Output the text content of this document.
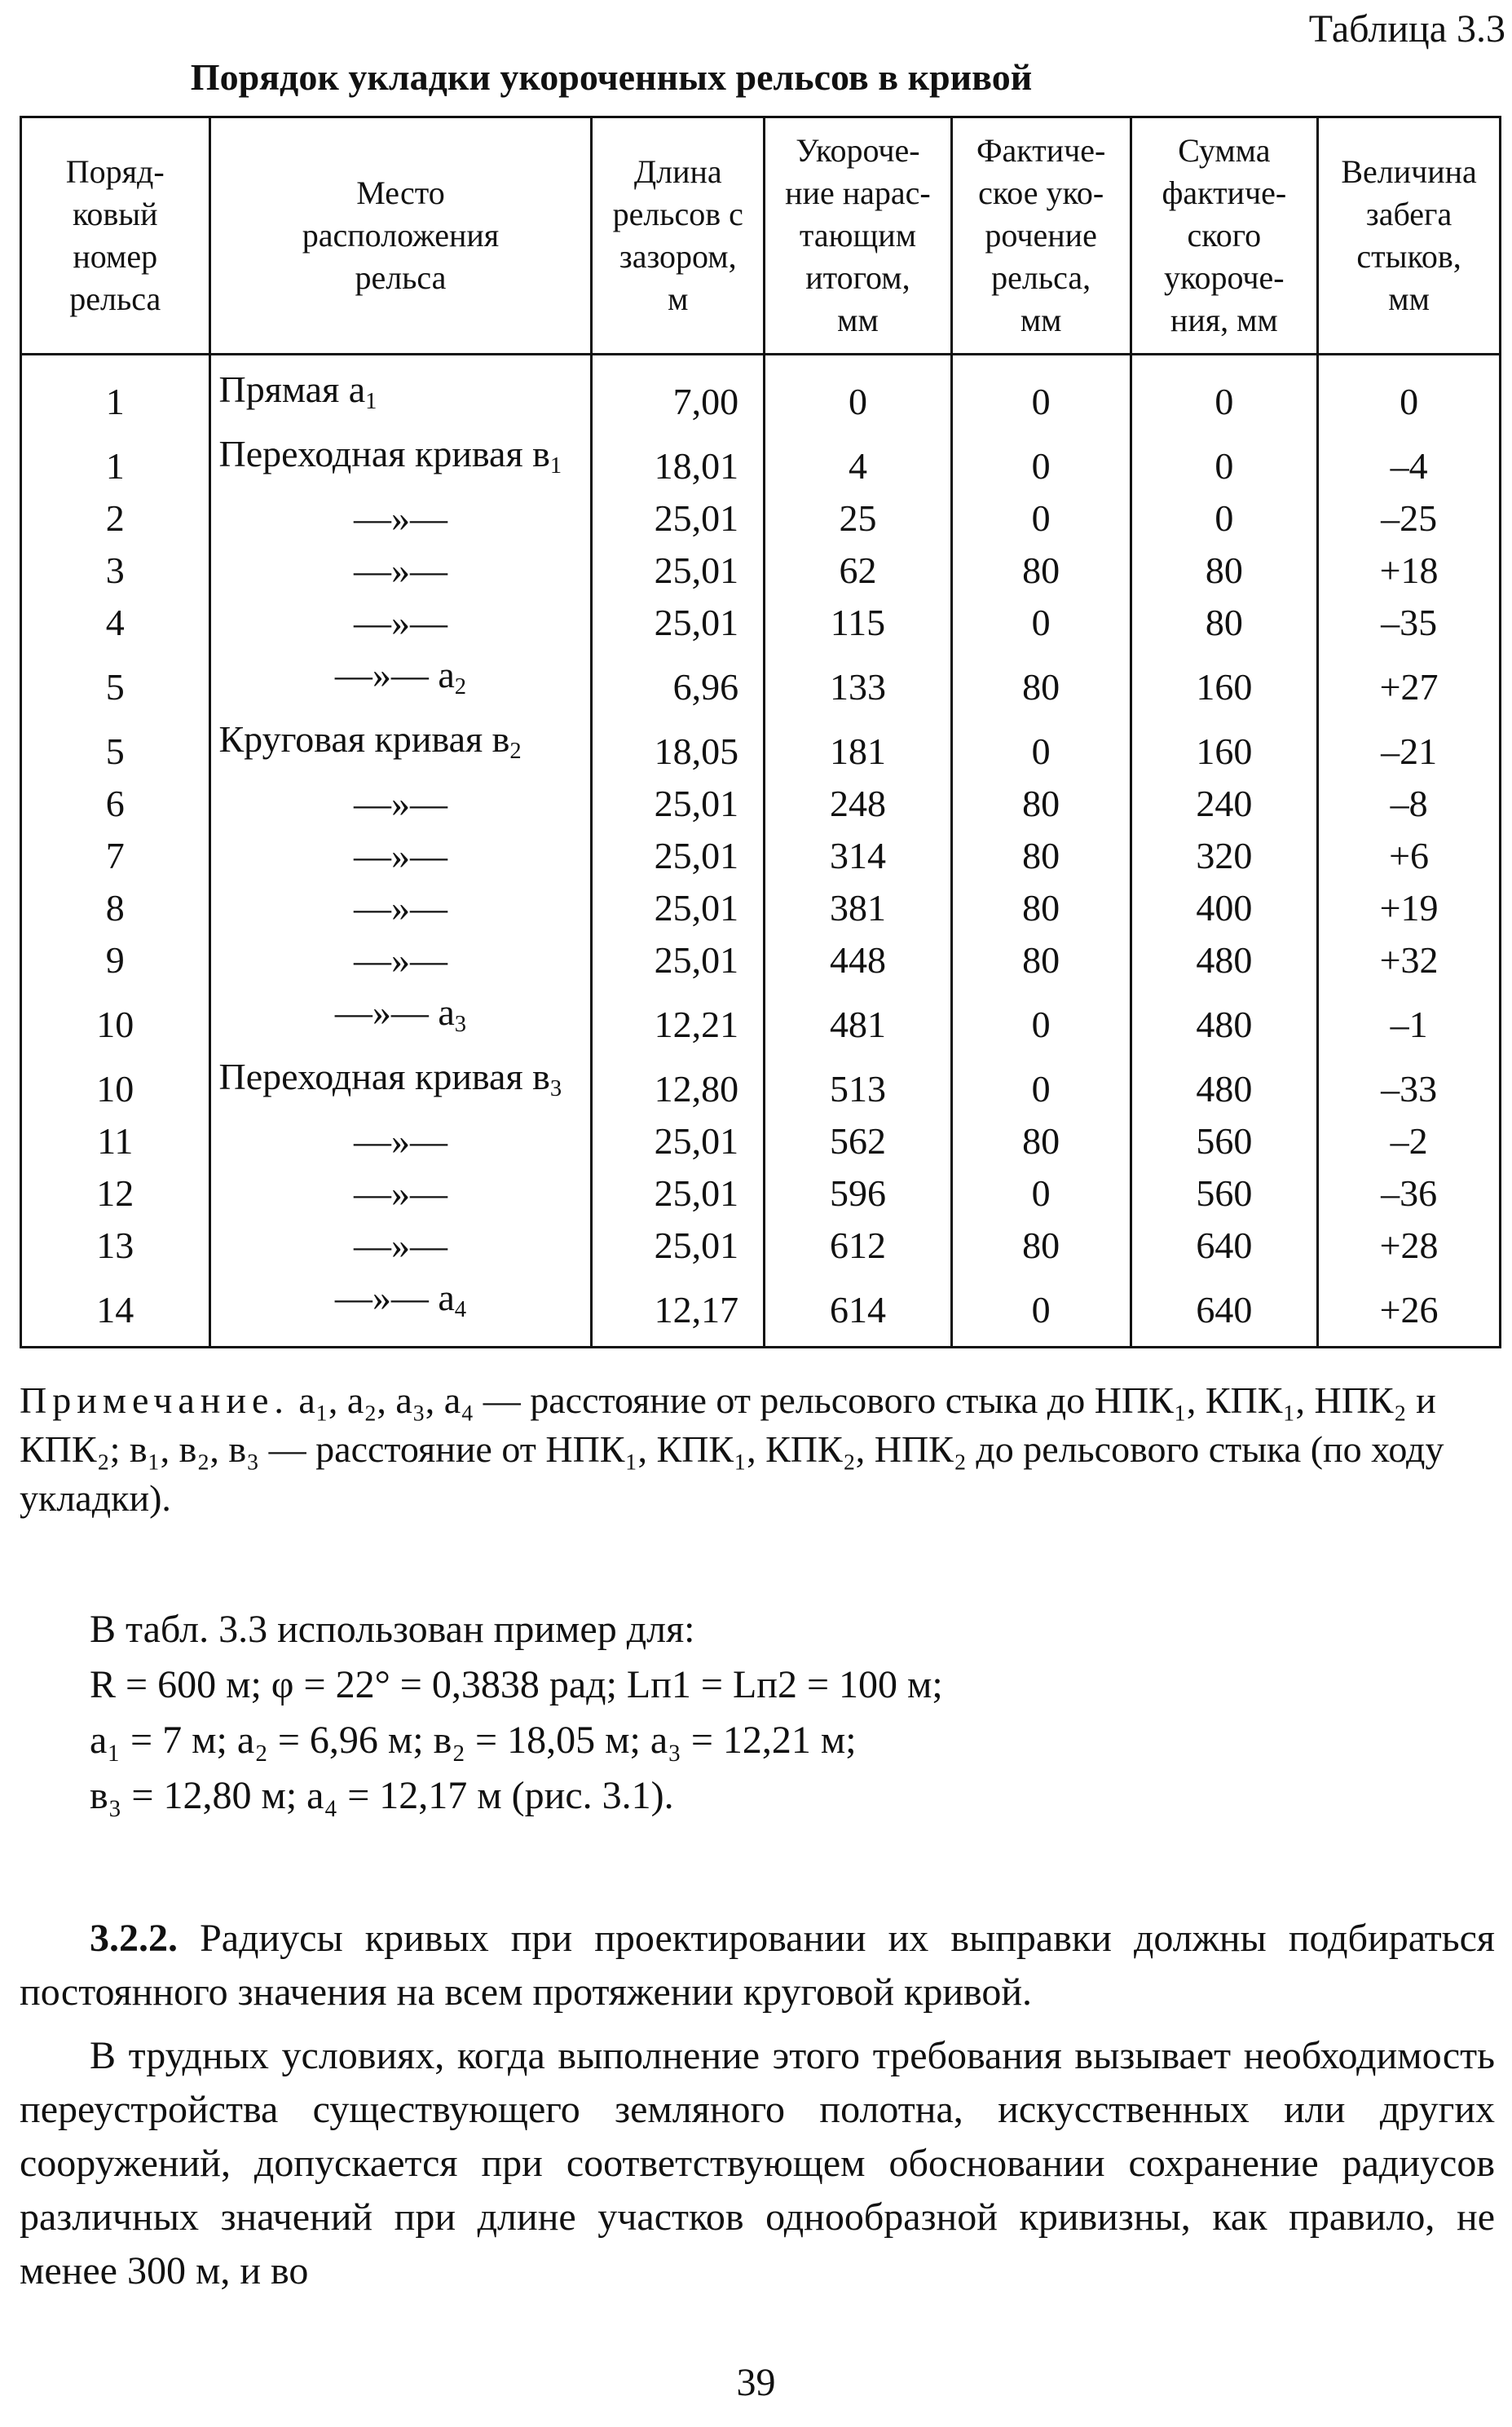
Таблица 3.3
Порядок укладки укороченных рельсов в кривой
Поряд-
ковый
номер
рельса	Место
расположения
рельса	Длина
рельсов с
зазором,
м	Укороче-
ние нарас-
тающим
итогом,
мм	Фактиче-
ское уко-
рочение
рельса,
мм	Сумма
фактиче-
ского
укороче-
ния, мм	Величина
забега
стыков,
мм
1	Прямая $а_1$	7,00	0	0	0	0
1	Переходная кривая $в_1$	18,01	4	0	0	–4
2	—»—	25,01	25	0	0	–25
3	—»—	25,01	62	80	80	+18
4	—»—	25,01	115	0	80	–35
5	—»— $а_2$	6,96	133	80	160	+27
5	Круговая кривая $в_2$	18,05	181	0	160	–21
6	—»—	25,01	248	80	240	–8
7	—»—	25,01	314	80	320	+6
8	—»—	25,01	381	80	400	+19
9	—»—	25,01	448	80	480	+32
10	—»— $а_3$	12,21	481	0	480	–1
10	Переходная кривая $в_3$	12,80	513	0	480	–33
11	—»—	25,01	562	80	560	–2
12	—»—	25,01	596	0	560	–36
13	—»—	25,01	612	80	640	+28
14	—»— $а_4$	12,17	614	0	640	+26
Примечание. а₁, а₂, а₃, а₄ — расстояние от рельсового стыка до НПК₁, КПК₁, НПК₂ и КПК₂; в₁, в₂, в₃ — расстояние от НПК₁, КПК₁, КПК₂, НПК₂ до рельсового стыка (по ходу укладки).

В табл. 3.3 использован пример для:

R = 600 м; φ = 22° = 0,3838 рад; Lп1 = Lп2 = 100 м;

а₁ = 7 м; а₂ = 6,96 м; в₂ = 18,05 м; а₃ = 12,21 м;

в₃ = 12,80 м; а₄ = 12,17 м (рис. 3.1).

3.2.2. Радиусы кривых при проектировании их выправки должны подбираться постоянного значения на всем протяжении круговой кривой.

В трудных условиях, когда выполнение этого требования вызывает необходимость переустройства существующего земляного полотна, искусственных или других сооружений, допускается при соответствующем обосновании сохранение радиусов различных значений при длине участков однообразной кривизны, как правило, не менее 300 м, и во

39
